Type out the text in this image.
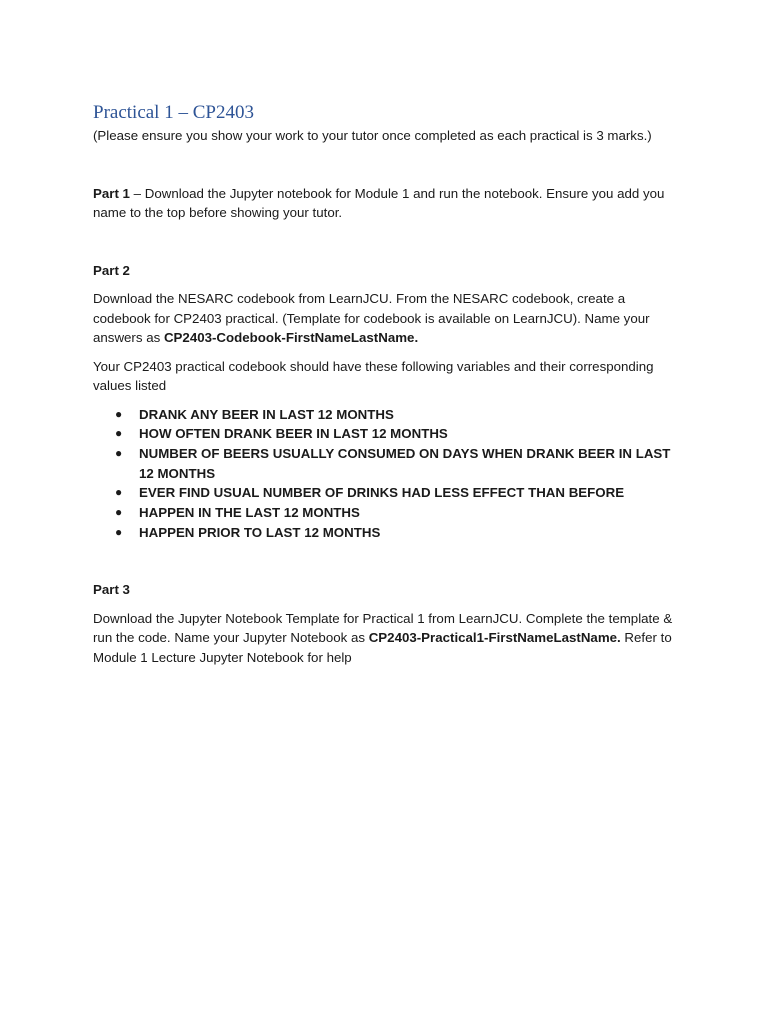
Practical 1 – CP2403

(Please ensure you show your work to your tutor once completed as each practical is 3 marks.)

Part 1 – Download the Jupyter notebook for Module 1 and run the notebook. Ensure you add you name to the top before showing your tutor.

Part 2

Download the NESARC codebook from LearnJCU. From the NESARC codebook, create a codebook for CP2403 practical. (Template for codebook is available on LearnJCU). Name your answers as CP2403-Codebook-FirstNameLastName.

Your CP2403 practical codebook should have these following variables and their corresponding values listed

● DRANK ANY BEER IN LAST 12 MONTHS
● HOW OFTEN DRANK BEER IN LAST 12 MONTHS
● NUMBER OF BEERS USUALLY CONSUMED ON DAYS WHEN DRANK BEER IN LAST 12 MONTHS
● EVER FIND USUAL NUMBER OF DRINKS HAD LESS EFFECT THAN BEFORE
● HAPPEN IN THE LAST 12 MONTHS
● HAPPEN PRIOR TO LAST 12 MONTHS

Part 3

Download the Jupyter Notebook Template for Practical 1 from LearnJCU. Complete the template & run the code. Name your Jupyter Notebook as CP2403-Practical1-FirstNameLastName. Refer to Module 1 Lecture Jupyter Notebook for help
